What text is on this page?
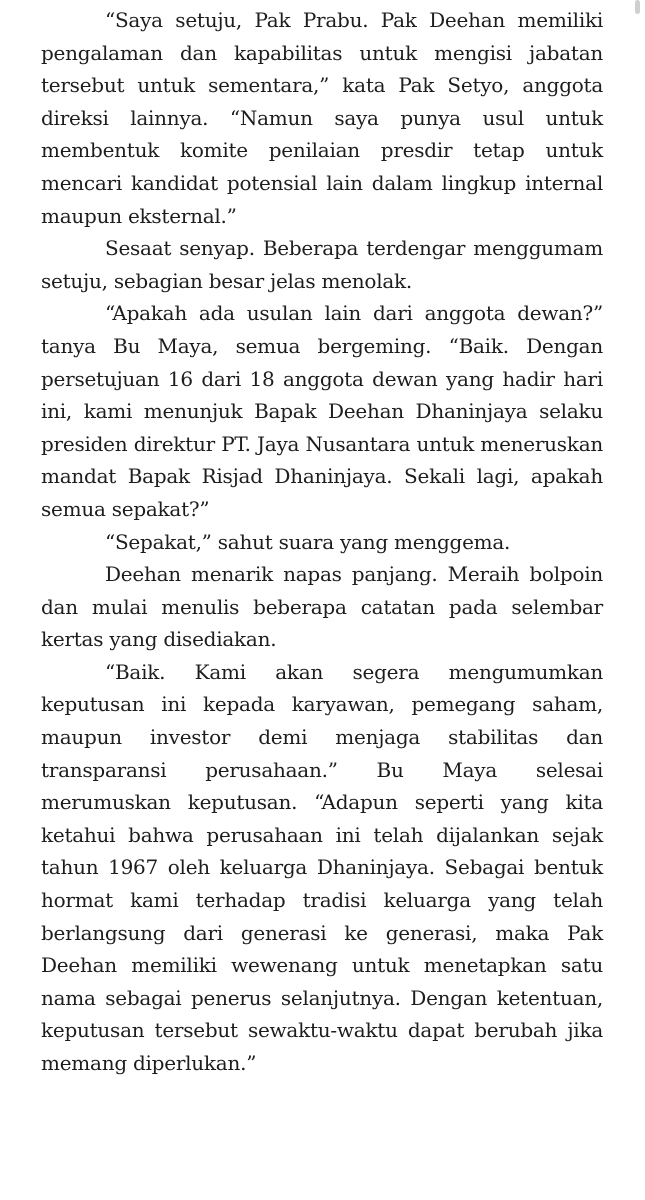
“Saya setuju, Pak Prabu. Pak Deehan memiliki pengalaman dan kapabilitas untuk mengisi jabatan tersebut untuk sementara,” kata Pak Setyo, anggota direksi lainnya. “Namun saya punya usul untuk membentuk komite penilaian presdir tetap untuk mencari kandidat potensial lain dalam lingkup internal maupun eksternal.”

Sesaat senyap. Beberapa terdengar menggumam setuju, sebagian besar jelas menolak.

“Apakah ada usulan lain dari anggota dewan?” tanya Bu Maya, semua bergeming. “Baik. Dengan persetujuan 16 dari 18 anggota dewan yang hadir hari ini, kami menunjuk Bapak Deehan Dhaninjaya selaku presiden direktur PT. Jaya Nusantara untuk meneruskan mandat Bapak Risjad Dhaninjaya. Sekali lagi, apakah semua sepakat?”

“Sepakat,” sahut suara yang menggema.

Deehan menarik napas panjang. Meraih bolpoin dan mulai menulis beberapa catatan pada selembar kertas yang disediakan.

“Baik. Kami akan segera mengumumkan keputusan ini kepada karyawan, pemegang saham, maupun investor demi menjaga stabilitas dan transparansi perusahaan.” Bu Maya selesai merumuskan keputusan. “Adapun seperti yang kita ketahui bahwa perusahaan ini telah dijalankan sejak tahun 1967 oleh keluarga Dhaninjaya. Sebagai bentuk hormat kami terhadap tradisi keluarga yang telah berlangsung dari generasi ke generasi, maka Pak Deehan memiliki wewenang untuk menetapkan satu nama sebagai penerus selanjutnya. Dengan ketentuan, keputusan tersebut sewaktu-waktu dapat berubah jika memang diperlukan.”
